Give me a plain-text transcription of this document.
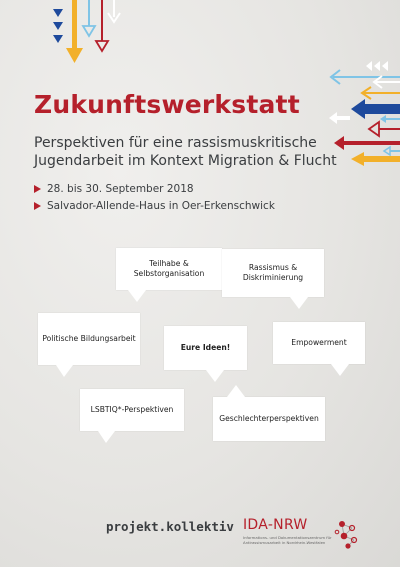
Zukunftswerkstatt
Perspektiven für eine rassismuskritische Jugendarbeit im Kontext Migration & Flucht
28. bis 30. September 2018
Salvador-Allende-Haus in Oer-Erkenschwick
Teilhabe & Selbstorganisation
Rassismus & Diskriminierung
Politische Bildungsarbeit
Eure Ideen!
Empowerment
LSBTIQ*-Perspektiven
Geschlechterperspektiven
projekt.kollektiv IDA-NRW
Informations- und Dokumentationszentrum für Antirassismusarbeit in Nordrhein-Westfalen
